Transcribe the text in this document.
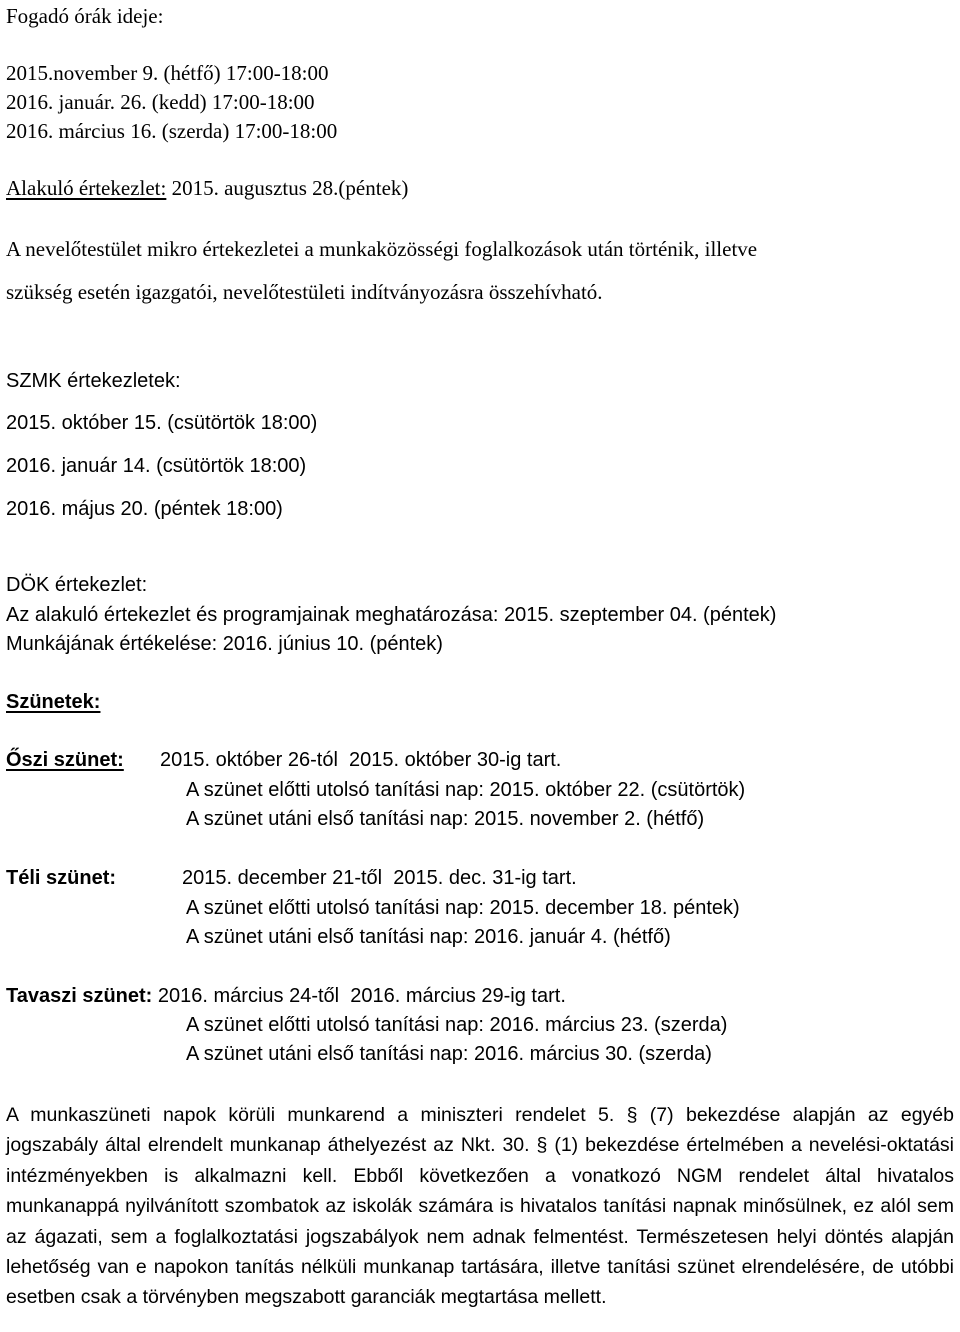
Fogadó órák ideje:
2015.november 9. (hétfő) 17:00-18:00
2016. január. 26. (kedd) 17:00-18:00
2016. március 16. (szerda) 17:00-18:00
Alakuló értekezlet: 2015. augusztus 28.(péntek)
A nevelőtestület mikro értekezletei a munkaközösségi foglalkozások után történik, illetve
szükség esetén igazgatói, nevelőtestületi indítványozásra összehívható.
SZMK értekezletek:
2015. október 15. (csütörtök 18:00)
2016. január 14. (csütörtök 18:00)
2016. május 20. (péntek 18:00)
DÖK értekezlet:
Az alakuló értekezlet és programjainak meghatározása: 2015. szeptember 04. (péntek)
Munkájának értékelése: 2016. június 10. (péntek)
Szünetek:
Őszi szünet: 2015. október 26-tól  2015. október 30-ig tart.
A szünet előtti utolsó tanítási nap: 2015. október 22. (csütörtök)
A szünet utáni első tanítási nap: 2015. november 2. (hétfő)
Téli szünet:	2015. december 21-től  2015. dec. 31-ig tart.
A szünet előtti utolsó tanítási nap: 2015. december 18. péntek)
A szünet utáni első tanítási nap: 2016. január 4. (hétfő)
Tavaszi szünet: 2016. március 24-től  2016. március 29-ig tart.
A szünet előtti utolsó tanítási nap: 2016. március 23. (szerda)
A szünet utáni első tanítási nap: 2016. március 30. (szerda)

A munkaszüneti napok körüli munkarend a miniszteri rendelet 5. § (7) bekezdése alapján az egyéb jogszabály által elrendelt munkanap áthelyezést az Nkt. 30. § (1) bekezdése értelmében a nevelési-oktatási intézményekben is alkalmazni kell. Ebből következően a vonatkozó NGM rendelet által hivatalos munkanappá nyilvánított szombatok az iskolák számára is hivatalos tanítási napnak minősülnek, ez alól sem az ágazati, sem a foglalkoztatási jogszabályok nem adnak felmentést. Természetesen helyi döntés alapján lehetőség van e napokon tanítás nélküli munkanap tartására, illetve tanítási szünet elrendelésére, de utóbbi esetben csak a törvényben megszabott garanciák megtartása mellett.
